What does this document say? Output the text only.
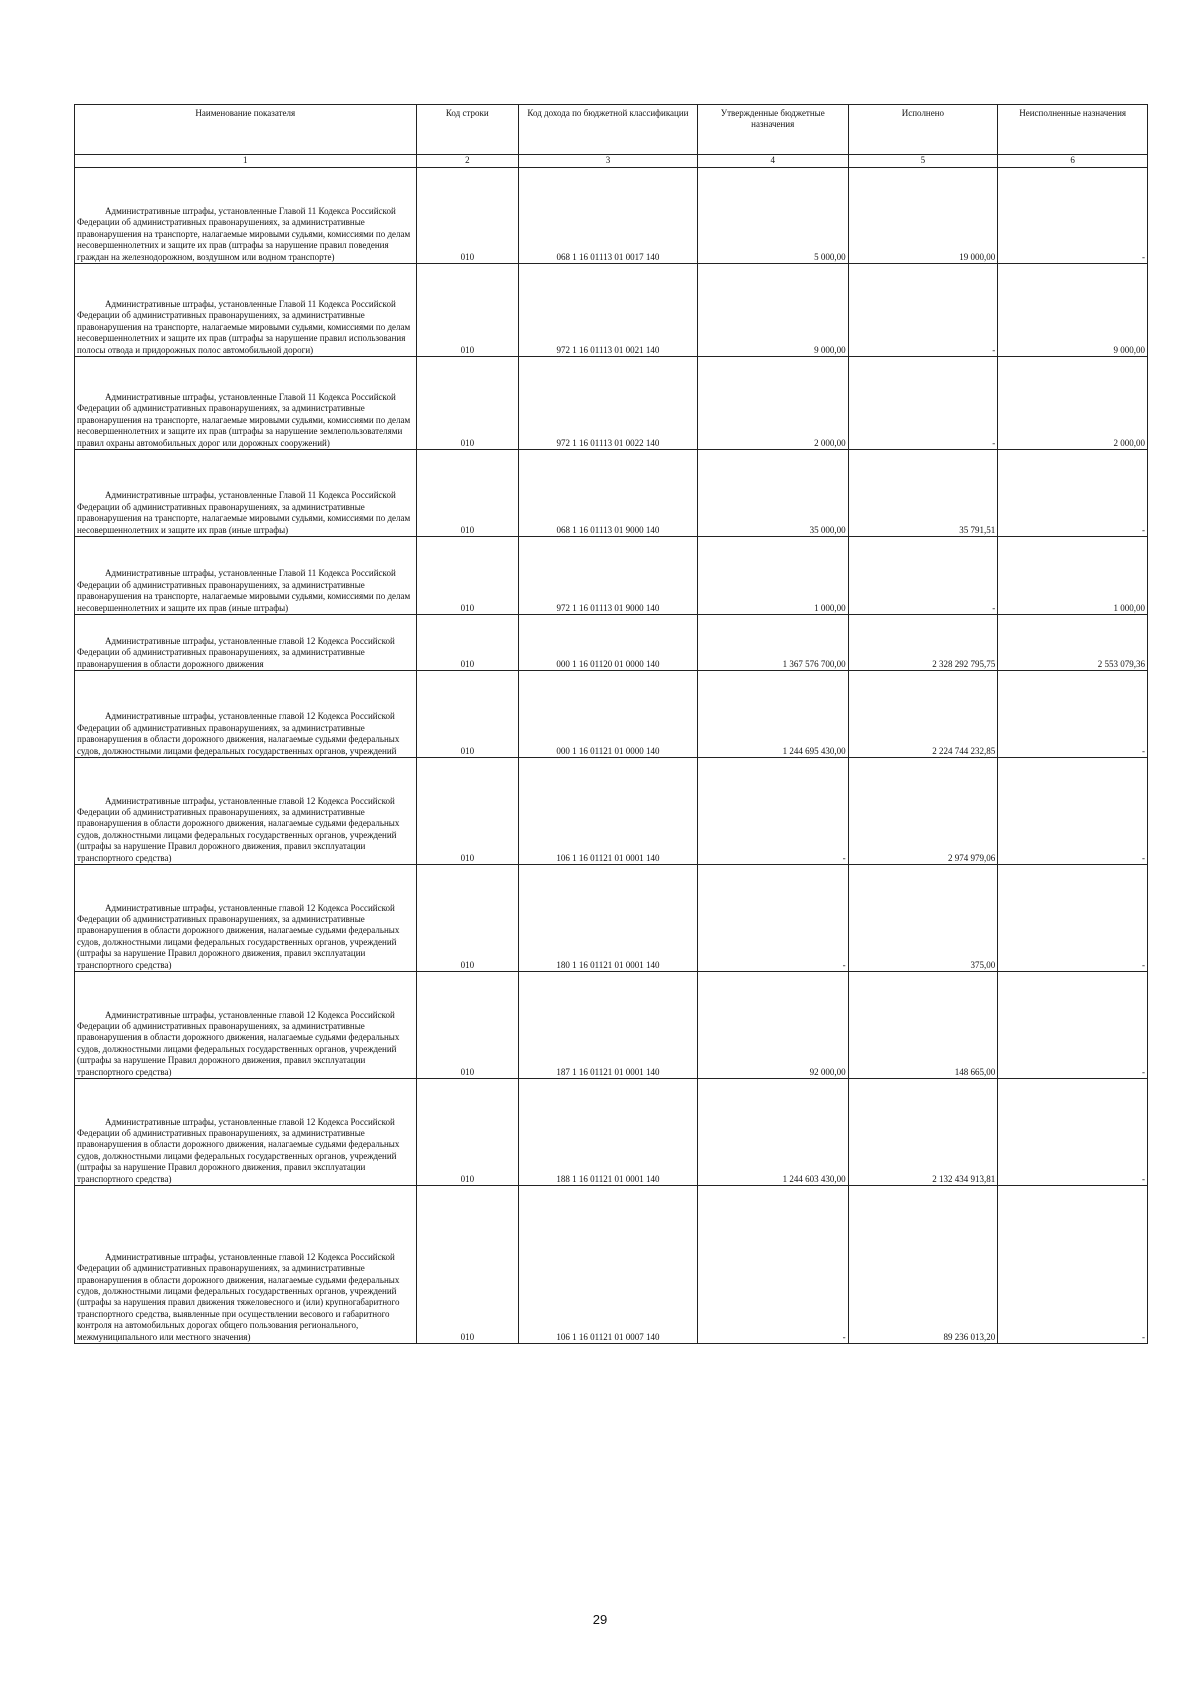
Наименование показателя	Код строки	Код дохода по бюджетной классификации	Утвержденные бюджетные назначения	Исполнено	Неисполненные назначения
1	2	3	4	5	6

Административные штрафы, установленные Главой 11 Кодекса Российской Федерации об административных правонарушениях, за административные правонарушения на транспорте, налагаемые мировыми судьями, комиссиями по делам несовершеннолетних и защите их прав (штрафы за нарушение правил поведения граждан на железнодорожном, воздушном или водном транспорте)	010	068 1 16 01113 01 0017 140	5 000,00	19 000,00	-

Административные штрафы, установленные Главой 11 Кодекса Российской Федерации об административных правонарушениях, за административные правонарушения на транспорте, налагаемые мировыми судьями, комиссиями по делам несовершеннолетних и защите их прав (штрафы за нарушение правил использования полосы отвода и придорожных полос автомобильной дороги)	010	972 1 16 01113 01 0021 140	9 000,00	-	9 000,00

Административные штрафы, установленные Главой 11 Кодекса Российской Федерации об административных правонарушениях, за административные правонарушения на транспорте, налагаемые мировыми судьями, комиссиями по делам несовершеннолетних и защите их прав (штрафы за нарушение землепользователями правил охраны автомобильных дорог или дорожных сооружений)	010	972 1 16 01113 01 0022 140	2 000,00	-	2 000,00

Административные штрафы, установленные Главой 11 Кодекса Российской Федерации об административных правонарушениях, за административные правонарушения на транспорте, налагаемые мировыми судьями, комиссиями по делам несовершеннолетних и защите их прав (иные штрафы)	010	068 1 16 01113 01 9000 140	35 000,00	35 791,51	-

Административные штрафы, установленные Главой 11 Кодекса Российской Федерации об административных правонарушениях, за административные правонарушения на транспорте, налагаемые мировыми судьями, комиссиями по делам несовершеннолетних и защите их прав (иные штрафы)	010	972 1 16 01113 01 9000 140	1 000,00	-	1 000,00

Административные штрафы, установленные главой 12 Кодекса Российской Федерации об административных правонарушениях, за административные правонарушения в области дорожного движения	010	000 1 16 01120 01 0000 140	1 367 576 700,00	2 328 292 795,75	2 553 079,36

Административные штрафы, установленные главой 12 Кодекса Российской Федерации об административных правонарушениях, за административные правонарушения в области дорожного движения, налагаемые судьями федеральных судов, должностными лицами федеральных государственных органов, учреждений	010	000 1 16 01121 01 0000 140	1 244 695 430,00	2 224 744 232,85	-

Административные штрафы, установленные главой 12 Кодекса Российской Федерации об административных правонарушениях, за административные правонарушения в области дорожного движения, налагаемые судьями федеральных судов, должностными лицами федеральных государственных органов, учреждений (штрафы за нарушение Правил дорожного движения, правил эксплуатации транспортного средства)	010	106 1 16 01121 01 0001 140	-	2 974 979,06	-

Административные штрафы, установленные главой 12 Кодекса Российской Федерации об административных правонарушениях, за административные правонарушения в области дорожного движения, налагаемые судьями федеральных судов, должностными лицами федеральных государственных органов, учреждений (штрафы за нарушение Правил дорожного движения, правил эксплуатации транспортного средства)	010	180 1 16 01121 01 0001 140	-	375,00	-

Административные штрафы, установленные главой 12 Кодекса Российской Федерации об административных правонарушениях, за административные правонарушения в области дорожного движения, налагаемые судьями федеральных судов, должностными лицами федеральных государственных органов, учреждений (штрафы за нарушение Правил дорожного движения, правил эксплуатации транспортного средства)	010	187 1 16 01121 01 0001 140	92 000,00	148 665,00	-

Административные штрафы, установленные главой 12 Кодекса Российской Федерации об административных правонарушениях, за административные правонарушения в области дорожного движения, налагаемые судьями федеральных судов, должностными лицами федеральных государственных органов, учреждений (штрафы за нарушение Правил дорожного движения, правил эксплуатации транспортного средства)	010	188 1 16 01121 01 0001 140	1 244 603 430,00	2 132 434 913,81	-

Административные штрафы, установленные главой 12 Кодекса Российской Федерации об административных правонарушениях, за административные правонарушения в области дорожного движения, налагаемые судьями федеральных судов, должностными лицами федеральных государственных органов, учреждений (штрафы за нарушения правил движения тяжеловесного и (или) крупногабаритного транспортного средства, выявленные при осуществлении весового и габаритного контроля на автомобильных дорогах общего пользования регионального, межмуниципального или местного значения)	010	106 1 16 01121 01 0007 140	-	89 236 013,20	-
29
